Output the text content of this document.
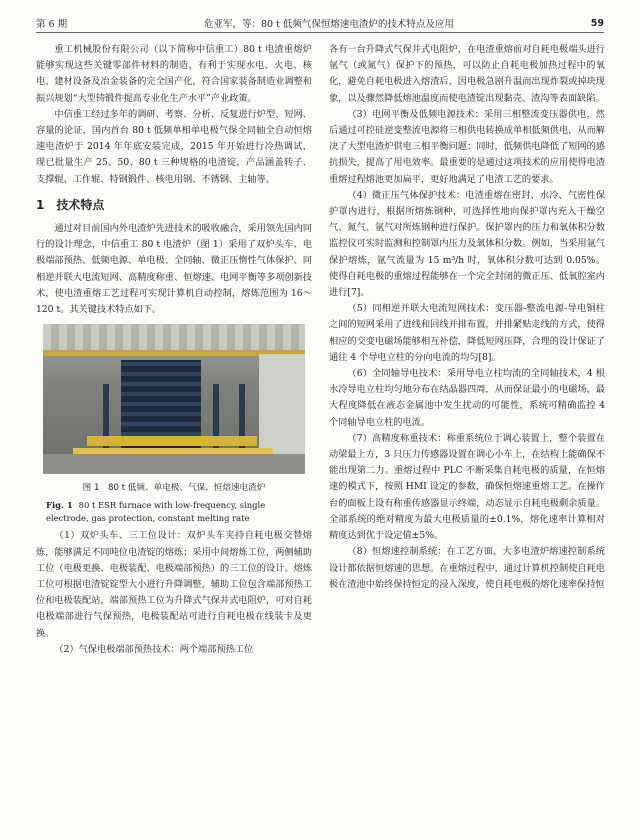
第 6 期	危亚军，等：80 t 低频气保恒熔速电渣炉的技术特点及应用	59

重工机械股份有限公司（以下简称中信重工）80 t 电渣重熔炉能够实现这些关键零部件材料的制造，有利于实现水电、火电、核电、建材设备及冶金装备的完全国产化，符合国家装备制造业调整和振兴规划“大型铸锻件提高专业化生产水平”产业政策。

中信重工经过多年的调研、考察、分析、反复进行炉型、短网、容量的论证，国内首台 80 t 低频单相单电极气保全同轴全自动恒熔速电渣炉于 2014 年年底安装完成，2015 年开始进行冷热调试，现已批量生产 25、50、80 t 三种规格的电渣锭，产品涵盖转子、支撑辊、工作辊、特钢锻件、核电用钢、不锈钢、主轴等。

1　技术特点

通过对目前国内外电渣炉先进技术的吸收融合，采用领先国内同行的设计理念，中信重工 80 t 电渣炉（图 1）采用了双炉头车、电极端部预热、低频电源、单电极、全同轴、微正压惰性气体保护、同相逆并联大电流短网、高精度称重、恒熔速、电网平衡等多项创新技术，使电渣重熔工艺过程可实现计算机自动控制，熔炼范围为 16～120 t。其关键技术特点如下。

图 1　80 t 低频、单电极、气保、恒熔速电渣炉
Fig. 1 80 t ESR furnace with low-frequency, single electrode, gas protection, constant melting rate

（1）双炉头车、三工位设计：双炉头车夹持自耗电极交替熔炼，能够满足不同吨位电渣锭的熔炼；采用中间熔炼工位，两侧辅助工位（电极更换、电极装配、电极端部预热）的三工位的设计。熔炼工位可根据电渣锭锭型大小进行升降调整，辅助工位包含端部预热工位和电极装配站，端部预热工位为升降式气保井式电阻炉，可对自耗电极端部进行气保预热，电极装配站可进行自耗电极在线装卡及更换。

（2）气保电极端部预热技术：两个端部预热工位

各有一台升降式气保井式电阻炉，在电渣重熔前对自耗电极端头进行氩气（或氮气）保护下的预热，可以防止自耗电极加热过程中的氧化，避免自耗电极进入熔渣后，因电极急剧升温而出现炸裂或掉块现象，以及骤然降低熔池温度而使电渣锭出现黏壳、渣沟等表面缺陷。

（3）电网平衡及低频电源技术：采用三相整流变压器供电，然后通过可控硅逆变整流电源将三相供电转换成单相低频供电，从而解决了大型电渣炉供电三相平衡问题；同时，低频供电降低了短网的感抗损失，提高了用电效率。最重要的是通过这项技术的应用使得电渣重熔过程熔池更加扁平，更好地满足了电渣工艺的要求。

（4）微正压气体保护技术：电渣重熔在密封、水冷、气密性保护罩内进行，根据所熔炼钢种，可选择性地向保护罩内充入干燥空气、氮气、氩气对所炼钢种进行保护。保护罩内的压力和氧体积分数监控仪可实时监测和控制罩内压力及氧体积分数。例如，当采用氩气保护熔炼，氩气流量为 15 m³/h 时，氧体积分数可达到 0.05%。使得自耗电极的重熔过程能够在一个完全封闭的微正压、低氧腔室内进行[7]。

（5）同相逆并联大电流短网技术：变压器-整流电源-导电铜柱之间的短网采用了进线和回线并排布置，并排紧贴走线的方式，使得相应的交变电磁场能够相互补偿，降低短网压降，合理的设计保证了通往 4 个导电立柱的分向电流的均匀[8]。

（6）全同轴导电技术：采用导电立柱均流的全同轴技术，4 根水冷导电立柱均匀地分布在结晶器四周，从而保证最小的电磁场，最大程度降低在液态金属池中发生扰动的可能性，系统可精确监控 4 个同轴导电立柱的电流。

（7）高精度称重技术：称重系统位于调心装置上，整个装置在动梁最上方，3 只压力传感器设置在调心小车上，在结构上能确保不能出现第二力。重熔过程中 PLC 不断采集自耗电极的质量，在恒熔速的模式下，按照 HMI 设定的参数，确保恒熔速重熔工艺。在操作台的面板上设有称重传感器显示终端，动态显示自耗电极剩余质量。全部系统的绝对精度为最大电极质量的±0.1%，熔化速率计算相对精度达到优于设定值±5%。

（8）恒熔速控制系统：在工艺方面，大多电渣炉熔速控制系统设计都依据恒熔速的思想。在重熔过程中，通过计算机控制使自耗电极在渣池中始终保持恒定的浸入深度，使自耗电极的熔化速率保持恒
